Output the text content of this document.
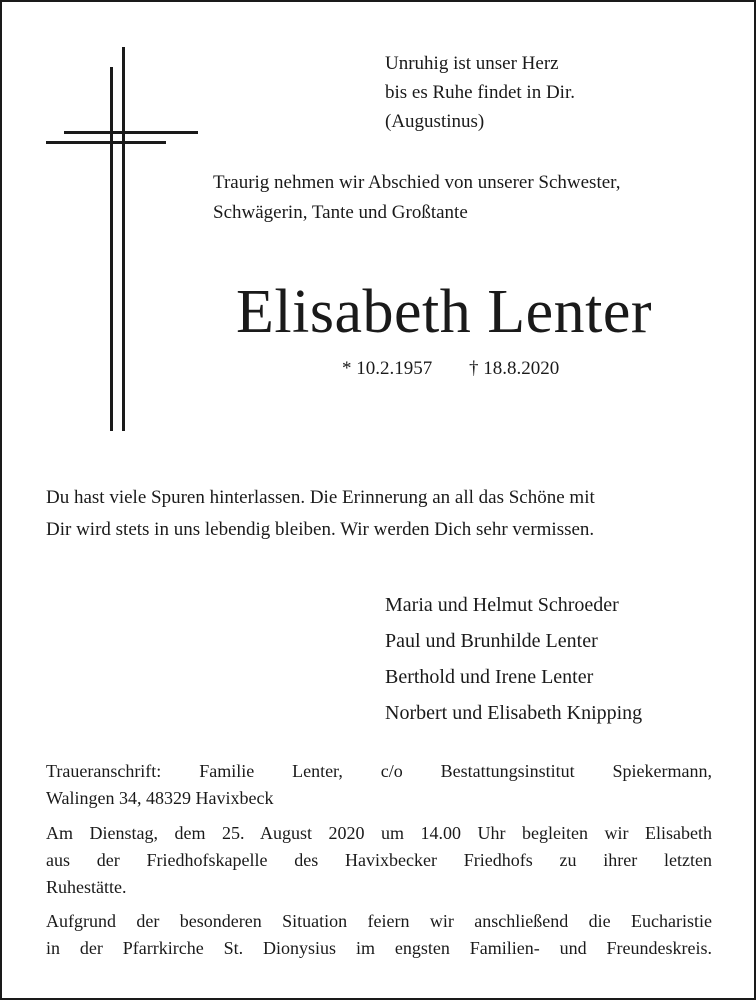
Unruhig ist unser Herz
bis es Ruhe findet in Dir.
(Augustinus)
Traurig nehmen wir Abschied von unserer Schwester,
Schwägerin, Tante und Großtante
Elisabeth Lenter
* 10.2.1957 † 18.8.2020
Du hast viele Spuren hinterlassen. Die Erinnerung an all das Schöne mit
Dir wird stets in uns lebendig bleiben. Wir werden Dich sehr vermissen.
Maria und Helmut Schroeder
Paul und Brunhilde Lenter
Berthold und Irene Lenter
Norbert und Elisabeth Knipping
Traueranschrift: Familie Lenter, c/o Bestattungsinstitut Spiekermann,
Walingen 34, 48329 Havixbeck
Am Dienstag, dem 25. August 2020 um 14.00 Uhr begleiten wir Elisabeth
aus der Friedhofskapelle des Havixbecker Friedhofs zu ihrer letzten
Ruhestätte.
Aufgrund der besonderen Situation feiern wir anschließend die Eucharistie
in der Pfarrkirche St. Dionysius im engsten Familien- und Freundeskreis.
